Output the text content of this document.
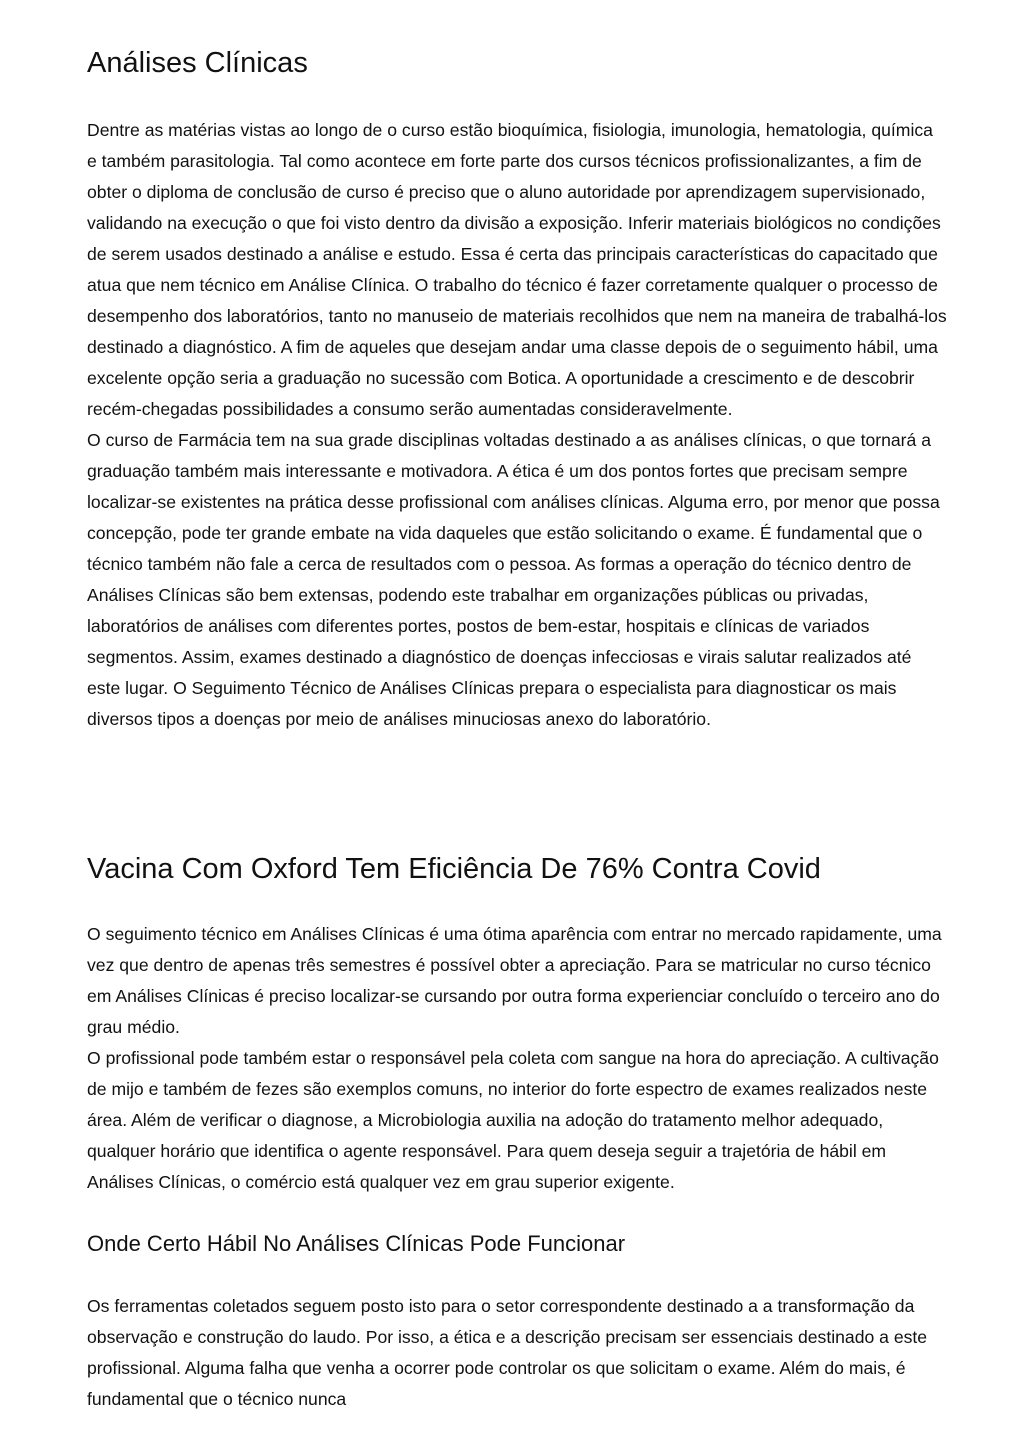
Análises Clínicas

Dentre as matérias vistas ao longo de o curso estão bioquímica, fisiologia, imunologia, hematologia, química e também parasitologia. Tal como acontece em forte parte dos cursos técnicos profissionalizantes, a fim de obter o diploma de conclusão de curso é preciso que o aluno autoridade por aprendizagem supervisionado, validando na execução o que foi visto dentro da divisão a exposição. Inferir materiais biológicos no condições de serem usados destinado a análise e estudo. Essa é certa das principais características do capacitado que atua que nem técnico em Análise Clínica. O trabalho do técnico é fazer corretamente qualquer o processo de desempenho dos laboratórios, tanto no manuseio de materiais recolhidos que nem na maneira de trabalhá-los destinado a diagnóstico. A fim de aqueles que desejam andar uma classe depois de o seguimento hábil, uma excelente opção seria a graduação no sucessão com Botica. A oportunidade a crescimento e de descobrir recém-chegadas possibilidades a consumo serão aumentadas consideravelmente.

O curso de Farmácia tem na sua grade disciplinas voltadas destinado a as análises clínicas, o que tornará a graduação também mais interessante e motivadora. A ética é um dos pontos fortes que precisam sempre localizar-se existentes na prática desse profissional com análises clínicas. Alguma erro, por menor que possa concepção, pode ter grande embate na vida daqueles que estão solicitando o exame. É fundamental que o técnico também não fale a cerca de resultados com o pessoa. As formas a operação do técnico dentro de Análises Clínicas são bem extensas, podendo este trabalhar em organizações públicas ou privadas, laboratórios de análises com diferentes portes, postos de bem-estar, hospitais e clínicas de variados segmentos. Assim, exames destinado a diagnóstico de doenças infecciosas e virais salutar realizados até este lugar. O Seguimento Técnico de Análises Clínicas prepara o especialista para diagnosticar os mais diversos tipos a doenças por meio de análises minuciosas anexo do laboratório.

Vacina Com Oxford Tem Eficiência De 76% Contra Covid

O seguimento técnico em Análises Clínicas é uma ótima aparência com entrar no mercado rapidamente, uma vez que dentro de apenas três semestres é possível obter a apreciação. Para se matricular no curso técnico em Análises Clínicas é preciso localizar-se cursando por outra forma experienciar concluído o terceiro ano do grau médio.

O profissional pode também estar o responsável pela coleta com sangue na hora do apreciação. A cultivação de mijo e também de fezes são exemplos comuns, no interior do forte espectro de exames realizados neste área. Além de verificar o diagnose, a Microbiologia auxilia na adoção do tratamento melhor adequado, qualquer horário que identifica o agente responsável. Para quem deseja seguir a trajetória de hábil em Análises Clínicas, o comércio está qualquer vez em grau superior exigente.

Onde Certo Hábil No Análises Clínicas Pode Funcionar

Os ferramentas coletados seguem posto isto para o setor correspondente destinado a a transformação da observação e construção do laudo. Por isso, a ética e a descrição precisam ser essenciais destinado a este profissional. Alguma falha que venha a ocorrer pode controlar os que solicitam o exame. Além do mais, é fundamental que o técnico nunca
